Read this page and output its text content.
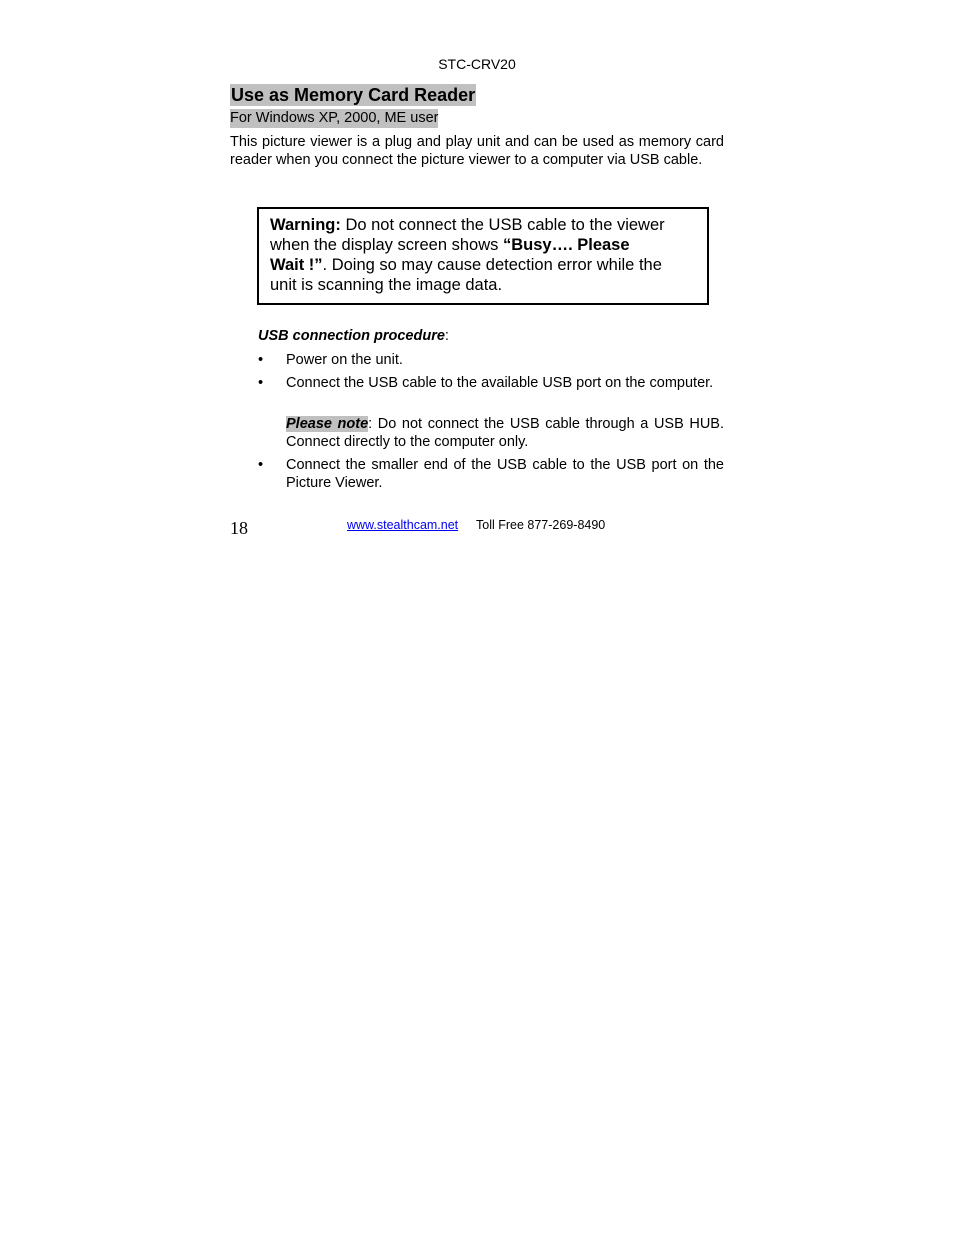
STC-CRV20
Use as Memory Card Reader
For Windows XP, 2000, ME user

This picture viewer is a plug and play unit and can be used as memory card reader when you connect the picture viewer to a computer via USB cable.

Warning: Do not connect the USB cable to the viewer
when the display screen shows “Busy…. Please
Wait !”. Doing so may cause detection error while the
unit is scanning the image data.
USB connection procedure:
•	Power on the unit.
•	Connect the USB cable to the available USB port on the computer.
Please note: Do not connect the USB cable through a USB HUB. Connect directly to the computer only.
•	Connect the smaller end of the USB cable to the USB port on the Picture Viewer.
18	www.stealthcam.net Toll Free 877-269-8490
